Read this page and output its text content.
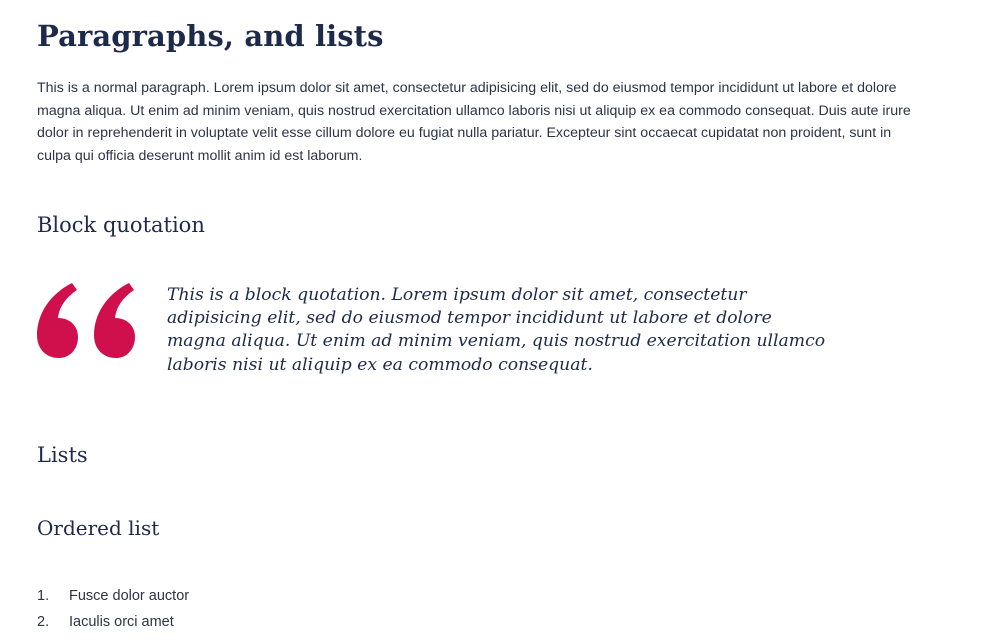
Paragraphs, and lists

This is a normal paragraph. Lorem ipsum dolor sit amet, consectetur adipisicing elit, sed do eiusmod tempor incididunt ut labore et dolore magna aliqua. Ut enim ad minim veniam, quis nostrud exercitation ullamco laboris nisi ut aliquip ex ea commodo consequat. Duis aute irure dolor in reprehenderit in voluptate velit esse cillum dolore eu fugiat nulla pariatur. Excepteur sint occaecat cupidatat non proident, sunt in culpa qui officia deserunt mollit anim id est laborum.

Block quotation
This is a block quotation. Lorem ipsum dolor sit amet, consectetur adipisicing elit, sed do eiusmod tempor incididunt ut labore et dolore magna aliqua. Ut enim ad minim veniam, quis nostrud exercitation ullamco laboris nisi ut aliquip ex ea commodo consequat.
Lists
Ordered list
1. Fusce dolor auctor
2. Iaculis orci amet
